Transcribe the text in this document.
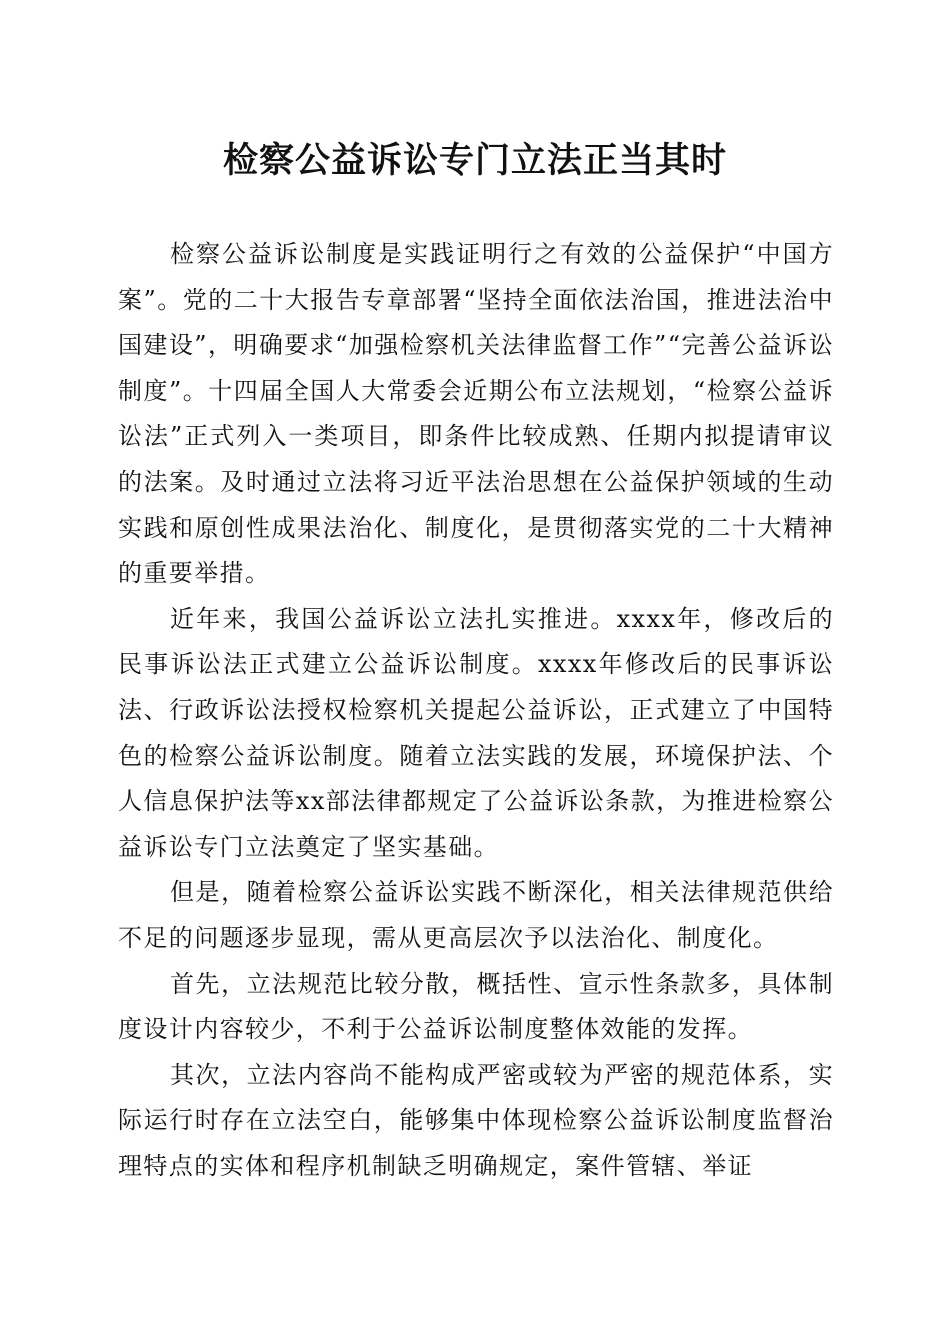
检察公益诉讼专门立法正当其时

检察公益诉讼制度是实践证明行之有效的公益保护“中国方案”。党的二十大报告专章部署“坚持全面依法治国，推进法治中国建设”，明确要求“加强检察机关法律监督工作”“完善公益诉讼制度”。十四届全国人大常委会近期公布立法规划，“检察公益诉讼法”正式列入一类项目，即条件比较成熟、任期内拟提请审议的法案。及时通过立法将习近平法治思想在公益保护领域的生动实践和原创性成果法治化、制度化，是贯彻落实党的二十大精神的重要举措。

近年来，我国公益诉讼立法扎实推进。xxxx年，修改后的民事诉讼法正式建立公益诉讼制度。xxxx年修改后的民事诉讼法、行政诉讼法授权检察机关提起公益诉讼，正式建立了中国特色的检察公益诉讼制度。随着立法实践的发展，环境保护法、个人信息保护法等xx部法律都规定了公益诉讼条款，为推进检察公益诉讼专门立法奠定了坚实基础。

但是，随着检察公益诉讼实践不断深化，相关法律规范供给不足的问题逐步显现，需从更高层次予以法治化、制度化。

首先，立法规范比较分散，概括性、宣示性条款多，具体制度设计内容较少，不利于公益诉讼制度整体效能的发挥。

其次，立法内容尚不能构成严密或较为严密的规范体系，实际运行时存在立法空白，能够集中体现检察公益诉讼制度监督治理特点的实体和程序机制缺乏明确规定，案件管辖、举证
